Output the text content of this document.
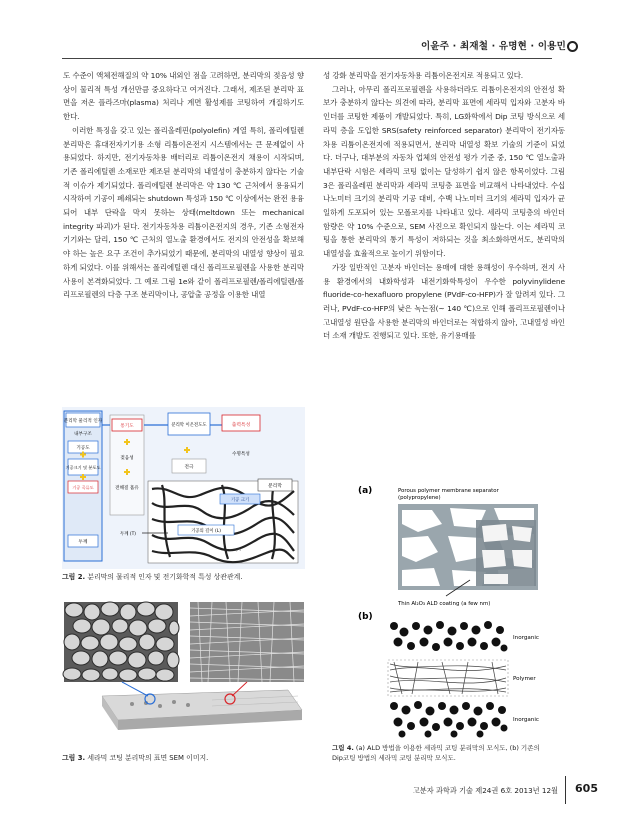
이윤주 · 최재철 · 유명현 · 이용민

도 수준이 액체전해질의 약 10% 내외인 점을 고려하면, 분리막의 젖음성 향상이 물리적 특성 개선만큼 중요하다고 여겨진다. 그래서, 제조된 분리막 표면을 저온 플라즈마(plasma) 처리나 계면 활성제를 코팅하여 개질하기도 한다.

이러한 특징을 갖고 있는 폴리올레핀(polyolefin) 계열 특히, 폴리에틸렌 분리막은 휴대전자기기용 소형 리튬이온전지 시스템에서는 큰 문제없이 사용되었다. 하지만, 전기자동차용 배터리로 리튬이온전지 채용이 시작되며, 기존 폴리에틸렌 소재로만 제조된 분리막의 내열성이 충분하지 않다는 기술적 이슈가 제기되었다. 폴리에틸렌 분리막은 약 130 ℃ 근처에서 용융되기 시작하여 기공이 폐쇄되는 shutdown 특성과 150 ℃ 이상에서는 완전 용융되어 내부 단락을 막지 못하는 상태(meltdown 또는 mechanical integrity 파괴)가 된다. 전기자동차용 리튬이온전지의 경우, 기존 소형전자기기와는 달리, 150 ℃ 근처의 열노출 환경에서도 전지의 안전성을 확보해야 하는 높은 요구 조건이 추가되었기 때문에, 분리막의 내열성 향상이 필요하게 되었다. 이를 위해서는 폴리에틸렌 대신 폴리프로필렌을 사용한 분리막 사용이 본격화되었다. 그 예로 그림 1e와 같이 폴리프로필렌/폴리에틸렌/폴리프로필렌의 다층 구조 분리막이나, 공압출 공정을 이용한 내열

성 강화 분리막을 전기자동차용 리튬이온전지로 적용되고 있다.

그러나, 아무리 폴리프로필렌을 사용하더라도 리튬이온전지의 안전성 확보가 충분하지 않다는 의견에 따라, 분리막 표면에 세라믹 입자와 고분자 바인더를 코팅한 제품이 개발되었다. 특히, LG화학에서 Dip 코팅 방식으로 세라믹 층을 도입한 SRS(safety reinforced separator) 분리막이 전기자동차용 리튬이온전지에 적용되면서, 분리막 내열성 확보 기술의 기준이 되었다. 더구나, 대부분의 자동차 업체의 안전성 평가 기준 중, 150 ℃ 열노출과 내부단락 시험은 세라믹 코팅 없이는 달성하기 쉽지 않은 항목이었다. 그림 3은 폴리올레핀 분리막과 세라믹 코팅층 표면을 비교해서 나타내었다. 수십 나노미터 크기의 분리막 기공 대비, 수백 나노미터 크기의 세라믹 입자가 균일하게 도포되어 있는 모폴로지를 나타내고 있다. 세라믹 코팅층의 바인더 함량은 약 10% 수준으로, SEM 사진으로 확인되지 않는다. 이는 세라믹 코팅을 통한 분리막의 통기 특성이 저하되는 것을 최소화하면서도, 분리막의 내열성을 효율적으로 높이기 위함이다.

가장 일반적인 고분자 바인더는 용매에 대한 용해성이 우수하며, 전지 사용 환경에서의 내화학성과 내전기화학특성이 우수한 polyvinylidene fluoride-co-hexafluoro propylene (PVdF-co-HFP)가 잘 알려져 있다. 그러나, PVdF-co-HFP의 낮은 녹는점(~ 140 ℃)으로 인해 폴리프로필렌이나 고내열성 원단을 사용한 분리막의 바인더로는 적합하지 않아, 고내열성 바인더 소재 개발도 진행되고 있다. 또한, 유기용매를

분리막 물리적 인자
내부구조
기공도
기공크기 및 분포도
기공 곡류도
두께
통기도
젖음성
전해질 흡유
분리막 이온전도도
전극
출력특성
수명특성
분리막
기공 크기
기공의 길이 (L)
두께 (T)
τ = L / T
그림 2. 분리막의 물리적 인자 및 전기화학적 특성 상관관계.
그림 3. 세라믹 코팅 분리막의 표면 SEM 이미지.
(a)	Porous polymer membrane separator
(polypropylene)
Thin Al₂O₃ ALD coating (a few nm)
(b)
Inorganic
Polymer
Inorganic
그림 4. (a) ALD 방법을 이용한 세라믹 코팅 분리막의 모식도, (b) 기존의
Dip코팅 방법의 세라믹 코팅 분리막 모식도.
고분자 과학과 기술 제24권 6호 2013년 12월 605
